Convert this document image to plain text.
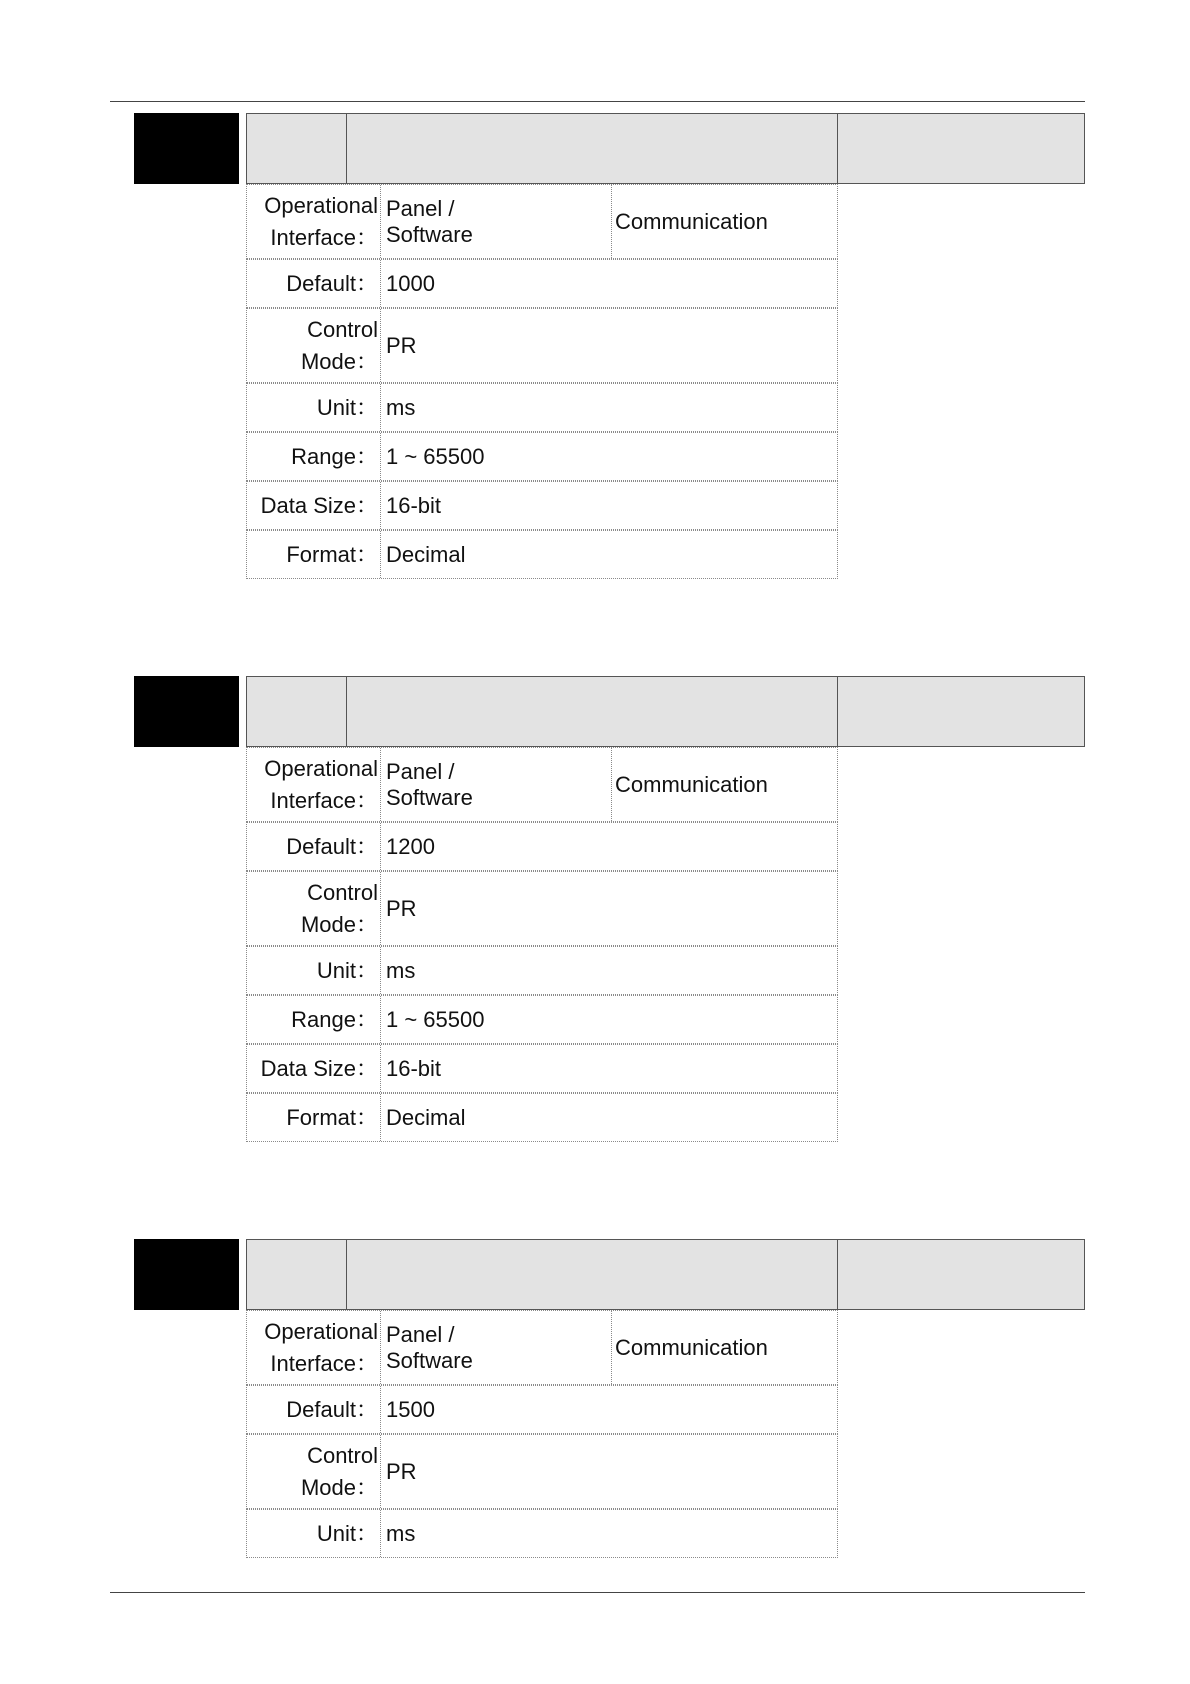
Operational
Interface：
Panel / Software
Communication
Default： 1000
Control
Mode：
PR
Unit： ms
Range： 1 ~ 65500
Data Size： 16-bit
Format： Decimal
Operational
Interface：
Panel / Software
Communication
Default： 1200
Control
Mode：
PR
Unit： ms
Range： 1 ~ 65500
Data Size： 16-bit
Format： Decimal
Operational
Interface：
Panel / Software
Communication
Default： 1500
Control
Mode：
PR
Unit： ms
